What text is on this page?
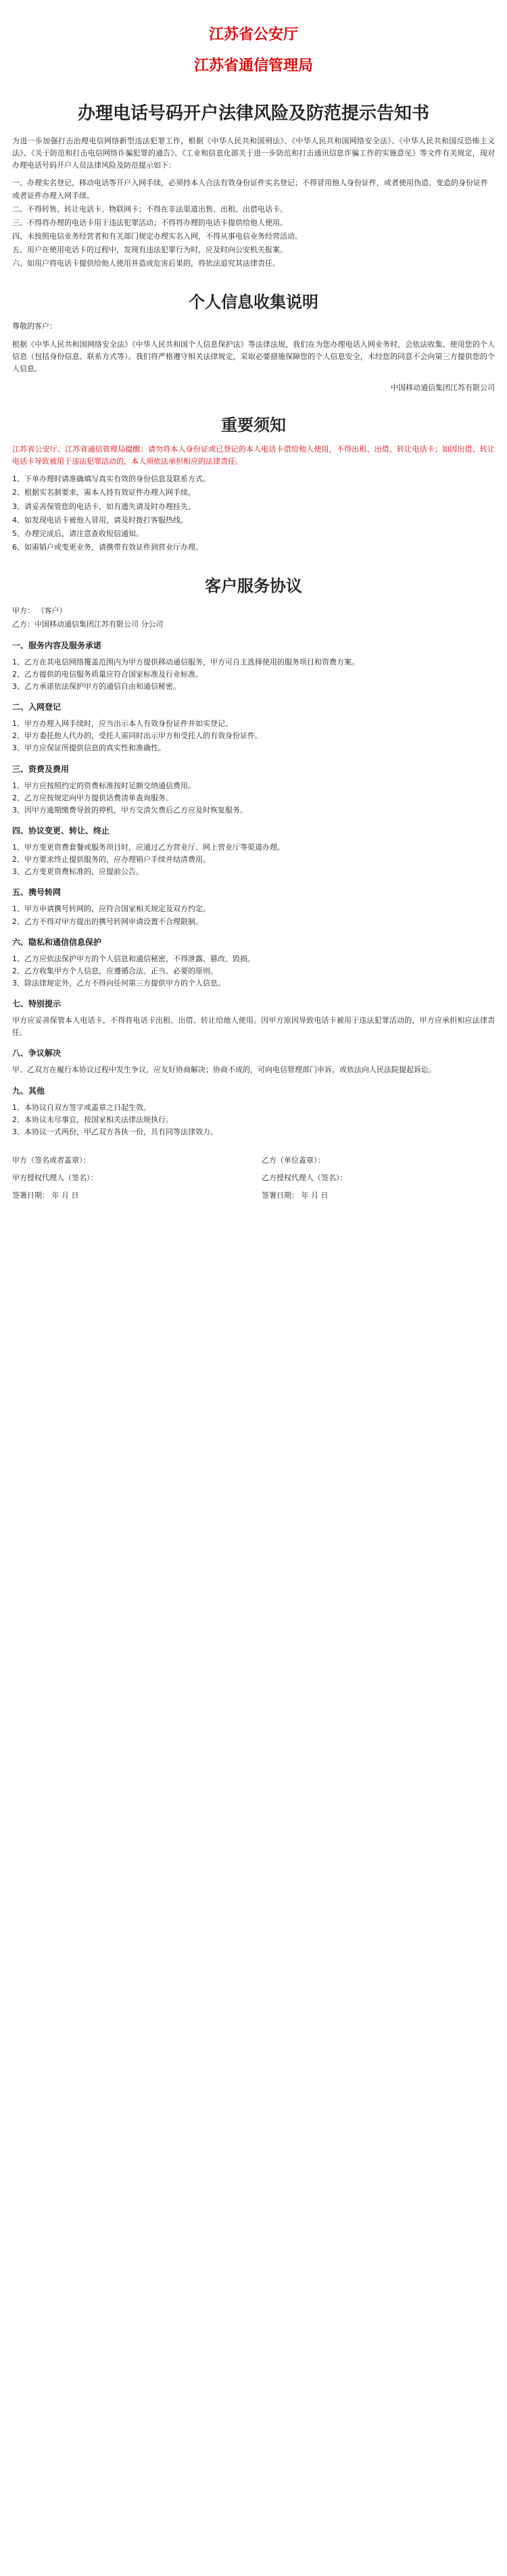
江苏省公安厅
江苏省通信管理局
办理电话号码开户法律风险及防范提示告知书
为进一步加强打击治理电信网络新型违法犯罪工作，根据《中华人民共和国刑法》、《中华人民共和国网络安全法》、《中华人民共和国反恐怖主义法》、《关于防范和打击电信网络诈骗犯罪的通告》、《工业和信息化部关于进一步防范和打击通讯信息诈骗工作的实施意见》等文件有关规定，现对办理电话号码开户人员法律风险及防范提示如下：
一、办理实名登记，移动电话等开户入网手续，必须持本人合法有效身份证件实名登记；不得冒用他人身份证件，或者使用伪造、变造的身份证件或者证件办理入网手续。
二、不得转售、转让电话卡、物联网卡；不得在非法渠道出售、出租、出借电话卡。
三、不得将办理的电话卡用于违法犯罪活动；不得将办理的电话卡提供给他人使用。
四、未按照电信业务经营者和有关部门规定办理实名入网，不得从事电信业务经营活动。
五、用户在使用电话卡的过程中，发现有违法犯罪行为时，应及时向公安机关报案。
六、如用户将电话卡提供给他人使用并造成危害后果的，将依法追究其法律责任。
个人信息收集说明
尊敬的客户：
根据《中华人民共和国网络安全法》《中华人民共和国个人信息保护法》等法律法规，我们在为您办理电话入网业务时，会依法收集、使用您的个人信息（包括身份信息、联系方式等）。我们将严格遵守相关法律规定，采取必要措施保障您的个人信息安全，未经您的同意不会向第三方提供您的个人信息。
中国移动通信集团江苏有限公司
重要须知
江苏省公安厅、江苏省通信管理局提醒：请勿将本人身份证或已登记的本人电话卡借给他人使用，不得出租、出借、转让电话卡；如因出借、转让电话卡导致被用于违法犯罪活动的，本人须依法承担相应的法律责任。
1、下单办理时请准确填写真实有效的身份信息及联系方式。
2、根据实名制要求，需本人持有效证件办理入网手续。
3、请妥善保管您的电话卡，如有遗失请及时办理挂失。
4、如发现电话卡被他人冒用，请及时拨打客服热线。
5、办理完成后，请注意查收短信通知。
6、如需销户或变更业务，请携带有效证件到营业厅办理。
客户服务协议
甲方： （客户）
乙方：中国移动通信集团江苏有限公司 分公司
一、服务内容及服务承诺
1、乙方在其电信网络覆盖范围内为甲方提供移动通信服务，甲方可自主选择使用的服务项目和资费方案。
2、乙方提供的电信服务质量应符合国家标准及行业标准。
3、乙方承诺依法保护甲方的通信自由和通信秘密。
二、入网登记
1、甲方办理入网手续时，应当出示本人有效身份证件并如实登记。
2、甲方委托他人代办的，受托人需同时出示甲方和受托人的有效身份证件。
3、甲方应保证所提供信息的真实性和准确性。
三、资费及费用
1、甲方应按照约定的资费标准按时足额交纳通信费用。
2、乙方应按规定向甲方提供话费清单查询服务。
3、因甲方逾期缴费导致的停机，甲方交清欠费后乙方应及时恢复服务。
四、协议变更、转让、终止
1、甲方变更资费套餐或服务项目时，应通过乙方营业厅、网上营业厅等渠道办理。
2、甲方要求终止提供服务的，应办理销户手续并结清费用。
3、乙方变更资费标准的，应提前公告。
五、携号转网
1、甲方申请携号转网的，应符合国家相关规定及双方约定。
2、乙方不得对甲方提出的携号转网申请设置不合理限制。
六、隐私和通信信息保护
1、乙方应依法保护甲方的个人信息和通信秘密，不得泄露、篡改、毁损。
2、乙方收集甲方个人信息，应遵循合法、正当、必要的原则。
3、除法律规定外，乙方不得向任何第三方提供甲方的个人信息。
七、特别提示
甲方应妥善保管本人电话卡，不得将电话卡出租、出借、转让给他人使用。因甲方原因导致电话卡被用于违法犯罪活动的，甲方应承担相应法律责任。
八、争议解决
甲、乙双方在履行本协议过程中发生争议，应友好协商解决；协商不成的，可向电信管理部门申诉，或依法向人民法院提起诉讼。
九、其他
1、本协议自双方签字或盖章之日起生效。
2、本协议未尽事宜，按国家相关法律法规执行。
3、本协议一式两份，甲乙双方各执一份，具有同等法律效力。
甲方（签名或者盖章）：	乙方（单位盖章）：
甲方授权代理人（签名）：	乙方授权代理人（签名）：
签署日期： 年 月 日	签署日期： 年 月 日
